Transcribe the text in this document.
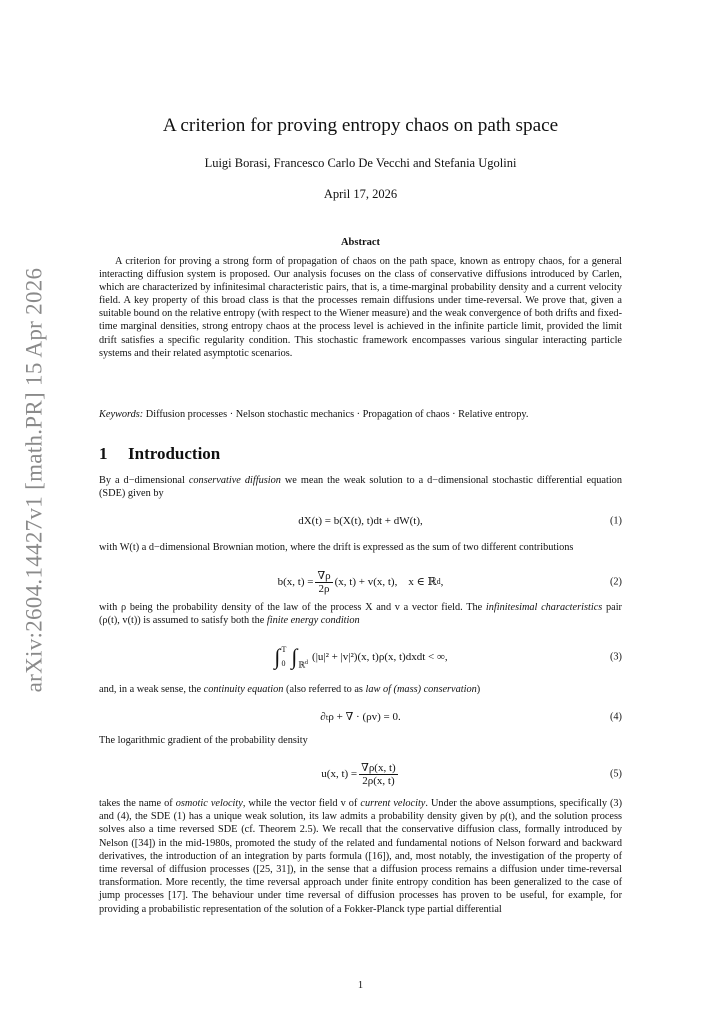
arXiv:2604.14427v1 [math.PR] 15 Apr 2026
A criterion for proving entropy chaos on path space
Luigi Borasi, Francesco Carlo De Vecchi and Stefania Ugolini
April 17, 2026
Abstract
A criterion for proving a strong form of propagation of chaos on the path space, known as entropy chaos, for a general interacting diffusion system is proposed. Our analysis focuses on the class of conservative diffusions introduced by Carlen, which are characterized by infinitesimal characteristic pairs, that is, a time-marginal probability density and a current velocity field. A key property of this broad class is that the processes remain diffusions under time-reversal. We prove that, given a suitable bound on the relative entropy (with respect to the Wiener measure) and the weak convergence of both drifts and fixed-time marginal densities, strong entropy chaos at the process level is achieved in the infinite particle limit, provided the limit drift satisfies a specific regularity condition. This stochastic framework encompasses various singular interacting particle systems and their related asymptotic scenarios.
Keywords: Diffusion processes · Nelson stochastic mechanics · Propagation of chaos · Relative entropy.
1 Introduction
By a d−dimensional conservative diffusion we mean the weak solution to a d−dimensional stochastic differential equation (SDE) given by
dX(t) = b(X(t), t)dt + dW(t),	(1)
with W(t) a d−dimensional Brownian motion, where the drift is expressed as the sum of two different contributions
b(x, $t) = \frac{\nabla\rho}{2\rho} (x$, t) + v(x, t),    x ∈ ℝ d ,	(2)
with ρ being the probability density of the law of the process X and v a vector field. The infinitesimal characteristics pair (ρ(t), v(t)) is assumed to satisfy both the finite energy condition
∫ T
0 ∫ ℝ$^d$
(|u|² + |v|²)(x, t)ρ(x, t)dxdt < ∞,	(3)
and, in a weak sense, the continuity equation (also referred to as law of (mass) conservation)
∂ₜρ + ∇ · (ρv) = 0.	(4)
The logarithmic gradient of the probability density
u(x, $t) = \frac{\nabla\rho(x, t)}{2\rho(x, t)}$	(5)
takes the name of osmotic velocity, while the vector field v of current velocity. Under the above assumptions, specifically (3) and (4), the SDE (1) has a unique weak solution, its law admits a probability density given by ρ(t), and the solution process solves also a time reversed SDE (cf. Theorem 2.5). We recall that the conservative diffusion class, formally introduced by Nelson ([34]) in the mid-1980s, promoted the study of the related and fundamental notions of Nelson forward and backward derivatives, the introduction of an integration by parts formula ([16]), and, most notably, the investigation of the property of time reversal of diffusion processes ([25, 31]), in the sense that a diffusion process remains a diffusion under time-reversal transformation. More recently, the time reversal approach under finite entropy condition has been generalized to the case of jump processes [17]. The behaviour under time reversal of diffusion processes has proven to be useful, for example, for providing a probabilistic representation of the solution of a Fokker-Planck type partial differential
1
